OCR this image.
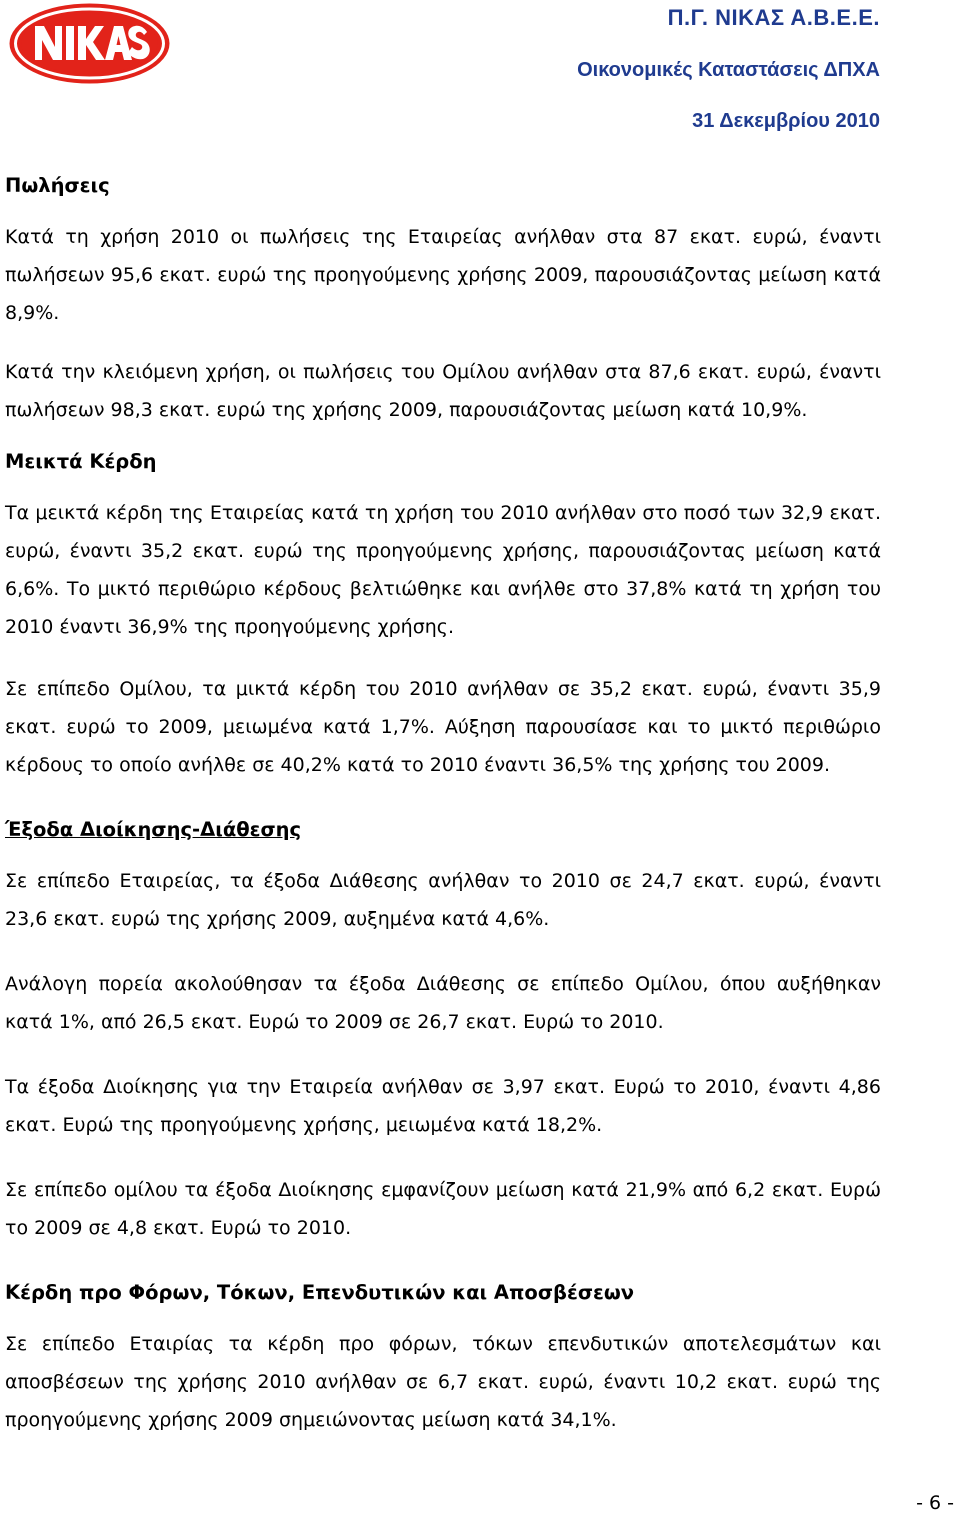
Π.Γ. ΝΙΚΑΣ Α.Β.Ε.Ε.
Οικονομικές Καταστάσεις ΔΠΧΑ
31 Δεκεμβρίου 2010
Πωλήσεις

Κατά τη χρήση 2010 οι πωλήσεις της Εταιρείας ανήλθαν στα 87 εκατ. ευρώ, έναντι πωλήσεων 95,6 εκατ. ευρώ της προηγούμενης χρήσης 2009, παρουσιάζοντας μείωση κατά 8,9%.

Κατά την κλειόμενη χρήση, οι πωλήσεις του Ομίλου ανήλθαν στα 87,6 εκατ. ευρώ, έναντι πωλήσεων 98,3 εκατ. ευρώ της χρήσης 2009, παρουσιάζοντας μείωση κατά 10,9%.

Μεικτά Κέρδη

Τα μεικτά κέρδη της Εταιρείας κατά τη χρήση του 2010 ανήλθαν στο ποσό των 32,9 εκατ. ευρώ, έναντι 35,2 εκατ. ευρώ της προηγούμενης χρήσης, παρουσιάζοντας μείωση κατά 6,6%. Το μικτό περιθώριο κέρδους βελτιώθηκε και ανήλθε στο 37,8% κατά τη χρήση του 2010 έναντι 36,9% της προηγούμενης χρήσης.

Σε επίπεδο Ομίλου, τα μικτά κέρδη του 2010 ανήλθαν σε 35,2 εκατ. ευρώ, έναντι 35,9 εκατ. ευρώ το 2009, μειωμένα κατά 1,7%. Αύξηση παρουσίασε και το μικτό περιθώριο κέρδους το οποίο ανήλθε σε 40,2% κατά το 2010 έναντι 36,5% της χρήσης του 2009.

Έξοδα Διοίκησης-Διάθεσης

Σε επίπεδο Εταιρείας, τα έξοδα Διάθεσης ανήλθαν το 2010 σε 24,7 εκατ. ευρώ, έναντι 23,6 εκατ. ευρώ της χρήσης 2009, αυξημένα κατά 4,6%.

Ανάλογη πορεία ακολούθησαν τα έξοδα Διάθεσης σε επίπεδο Ομίλου, όπου αυξήθηκαν κατά 1%, από 26,5 εκατ. Ευρώ το 2009 σε 26,7 εκατ. Ευρώ το 2010.

Τα έξοδα Διοίκησης για την Εταιρεία ανήλθαν σε 3,97 εκατ. Ευρώ το 2010, έναντι 4,86 εκατ. Ευρώ της προηγούμενης χρήσης, μειωμένα κατά 18,2%.

Σε επίπεδο ομίλου τα έξοδα Διοίκησης εμφανίζουν μείωση κατά 21,9% από 6,2 εκατ. Ευρώ το 2009 σε 4,8 εκατ. Ευρώ το 2010.

Κέρδη προ Φόρων, Τόκων, Επενδυτικών και Αποσβέσεων

Σε επίπεδο Εταιρίας τα κέρδη προ φόρων, τόκων επενδυτικών αποτελεσμάτων και αποσβέσεων της χρήσης 2010 ανήλθαν σε 6,7 εκατ. ευρώ, έναντι 10,2 εκατ. ευρώ της προηγούμενης χρήσης 2009 σημειώνοντας μείωση κατά 34,1%.

- 6 -
